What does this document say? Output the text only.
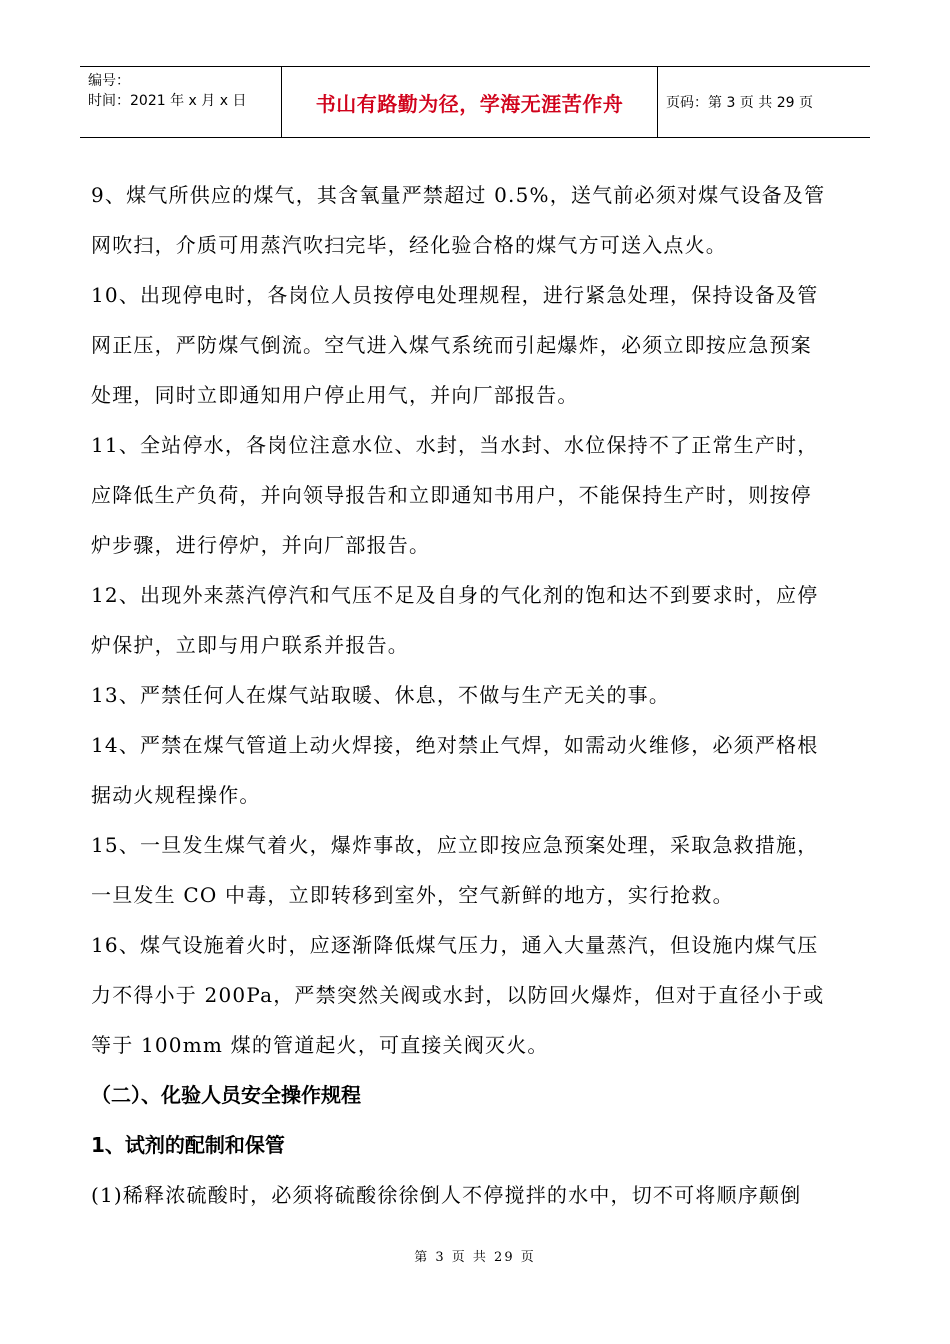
编号：
时间：2021 年 x 月 x 日	书山有路勤为径，学海无涯苦作舟	页码：第 3 页 共 29 页
9、煤气所供应的煤气，其含氧量严禁超过 0.5%，送气前必须对煤气设备及管
网吹扫，介质可用蒸汽吹扫完毕，经化验合格的煤气方可送入点火。
10、出现停电时，各岗位人员按停电处理规程，进行紧急处理，保持设备及管
网正压，严防煤气倒流。空气进入煤气系统而引起爆炸，必须立即按应急预案
处理，同时立即通知用户停止用气，并向厂部报告。
11、全站停水，各岗位注意水位、水封，当水封、水位保持不了正常生产时，
应降低生产负荷，并向领导报告和立即通知书用户，不能保持生产时，则按停
炉步骤，进行停炉，并向厂部报告。
12、出现外来蒸汽停汽和气压不足及自身的气化剂的饱和达不到要求时，应停
炉保护，立即与用户联系并报告。
13、严禁任何人在煤气站取暖、休息，不做与生产无关的事。
14、严禁在煤气管道上动火焊接，绝对禁止气焊，如需动火维修，必须严格根
据动火规程操作。
15、一旦发生煤气着火，爆炸事故，应立即按应急预案处理，采取急救措施，
一旦发生 CO 中毒，立即转移到室外，空气新鲜的地方，实行抢救。
16、煤气设施着火时，应逐渐降低煤气压力，通入大量蒸汽，但设施内煤气压
力不得小于 200Pa，严禁突然关阀或水封，以防回火爆炸，但对于直径小于或
等于 100mm 煤的管道起火，可直接关阀灭火。
（二）、化验人员安全操作规程
1、试剂的配制和保管
(1)稀释浓硫酸时，必须将硫酸徐徐倒人不停搅拌的水中，切不可将顺序颠倒
第 3 页 共 29 页
